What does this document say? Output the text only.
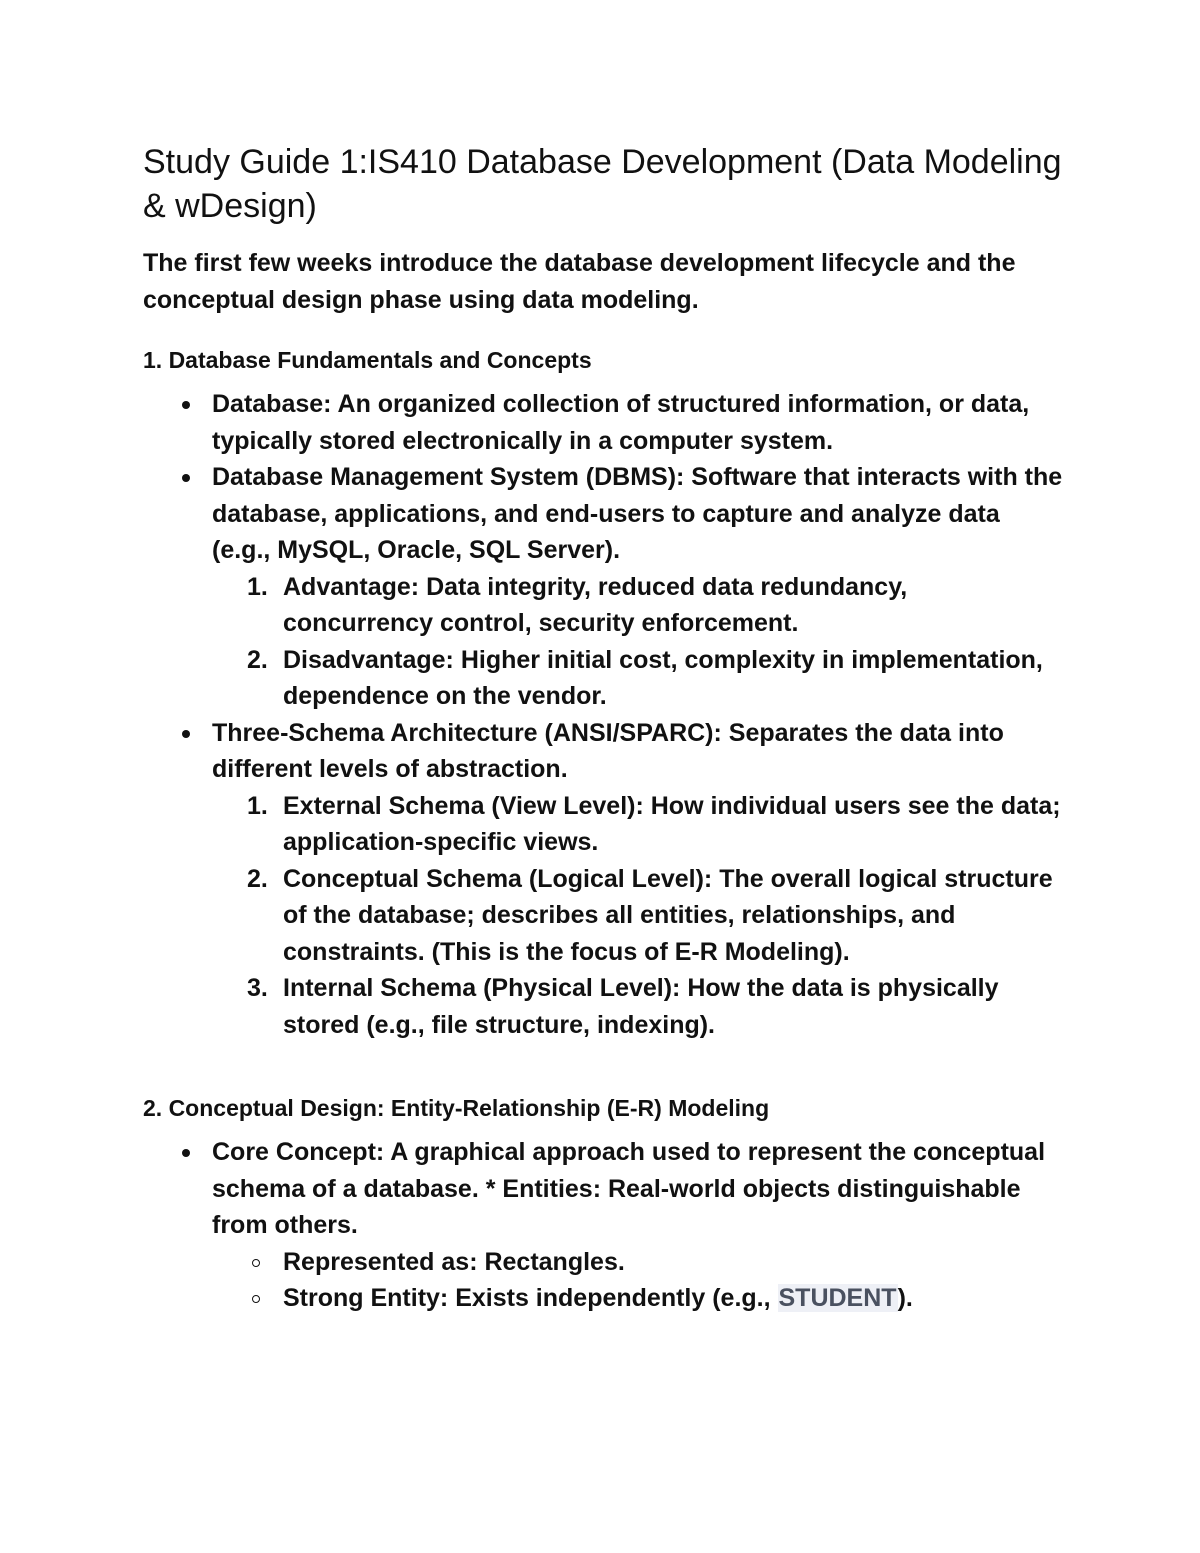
Study Guide 1:IS410 Database Development (Data Modeling & wDesign)

The first few weeks introduce the database development lifecycle and the conceptual design phase using data modeling.

1. Database Fundamentals and Concepts
Database: An organized collection of structured information, or data, typically stored electronically in a computer system.
Database Management System (DBMS): Software that interacts with the database, applications, and end-users to capture and analyze data (e.g., MySQL, Oracle, SQL Server).
1. Advantage: Data integrity, reduced data redundancy, concurrency control, security enforcement.
2. Disadvantage: Higher initial cost, complexity in implementation, dependence on the vendor.
Three-Schema Architecture (ANSI/SPARC): Separates the data into different levels of abstraction.
1. External Schema (View Level): How individual users see the data; application-specific views.
2. Conceptual Schema (Logical Level): The overall logical structure of the database; describes all entities, relationships, and constraints. (This is the focus of E-R Modeling).
3. Internal Schema (Physical Level): How the data is physically stored (e.g., file structure, indexing).
2. Conceptual Design: Entity-Relationship (E-R) Modeling
Core Concept: A graphical approach used to represent the conceptual schema of a database. * Entities: Real-world objects distinguishable from others.
Represented as: Rectangles.
Strong Entity: Exists independently (e.g., STUDENT).
